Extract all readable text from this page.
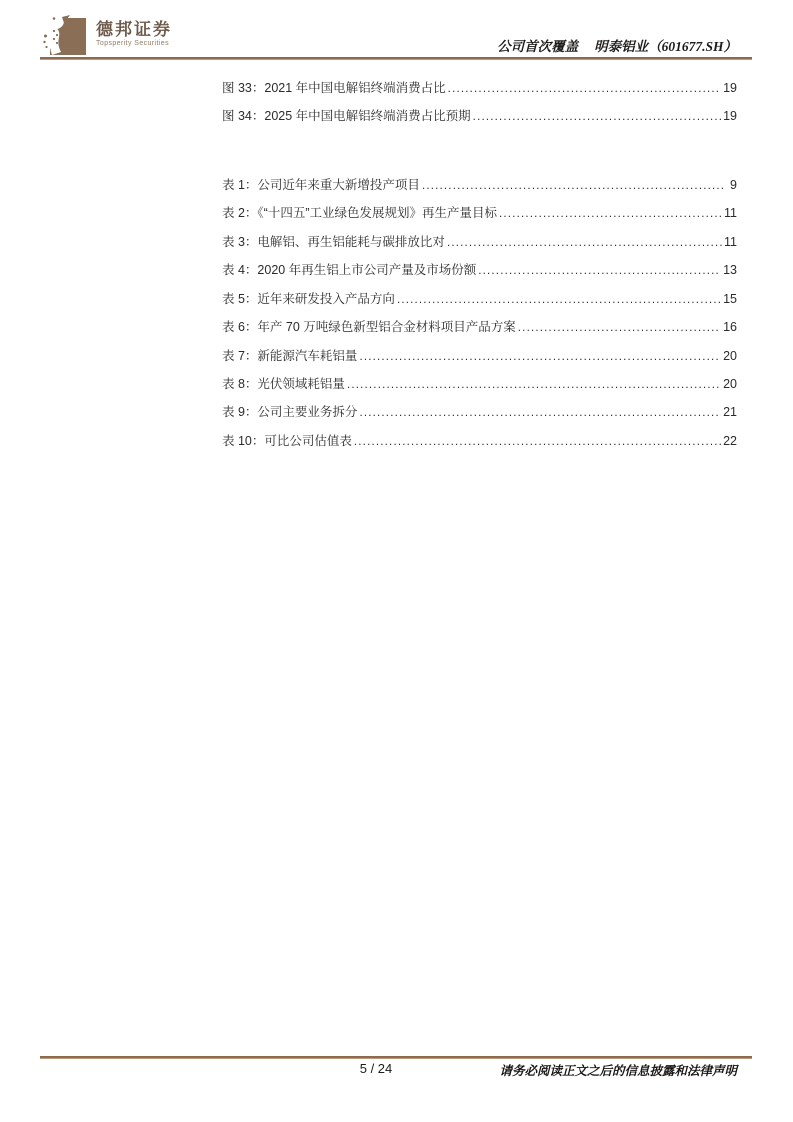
德邦证券
Topsperity Securities	公司首次覆盖 明泰铝业（601677.SH）
图 33：2021 年中国电解铝终端消费占比 .....	19
图 34：2025 年中国电解铝终端消费占比预期 .....	19
表 1：公司近年来重大新增投产项目 .....	9
表 2：《“十四五”工业绿色发展规划》再生产量目标 .....	11
表 3：电解铝、再生铝能耗与碳排放比对 .....	11
表 4：2020 年再生铝上市公司产量及市场份额 .....	13
表 5：近年来研发投入产品方向 .....	15
表 6：年产 70 万吨绿色新型铝合金材料项目产品方案 .....	16
表 7：新能源汽车耗铝量 .....	20
表 8：光伏领域耗铝量 .....	20
表 9：公司主要业务拆分 .....	21
表 10：可比公司估值表 .....	22
5 / 24	请务必阅读正文之后的信息披露和法律声明
